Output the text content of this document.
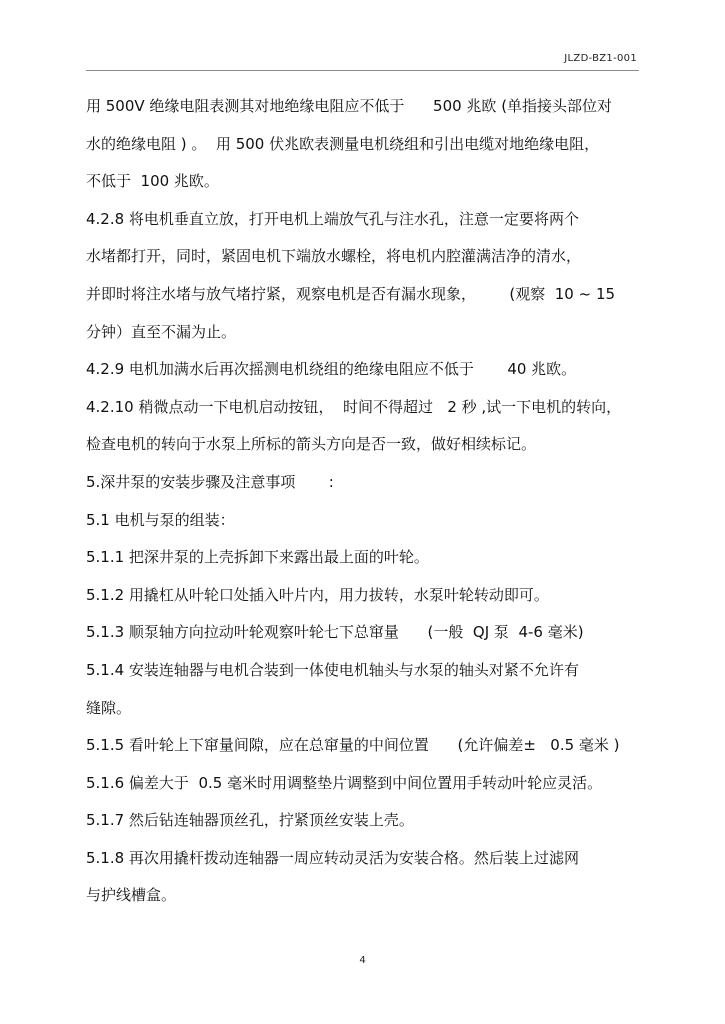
JLZD-BZ1-001
用 500V 绝缘电阻表测其对地绝缘电阻应不低于      500 兆欧 (单指接头部位对
水的绝缘电阻 ) 。  用 500 伏兆欧表测量电机绕组和引出电缆对地绝缘电阻，
不低于  100 兆欧。
4.2.8 将电机垂直立放，打开电机上端放气孔与注水孔，注意一定要将两个
水堵都打开，同时，紧固电机下端放水螺栓，将电机内腔灌满洁净的清水，
并即时将注水堵与放气堵拧紧，观察电机是否有漏水现象，       (观察  10 ~ 15
分钟）直至不漏为止。
4.2.9 电机加满水后再次摇测电机绕组的绝缘电阻应不低于       40 兆欧。
4.2.10 稍微点动一下电机启动按钮，  时间不得超过   2 秒 ,试一下电机的转向，
检查电机的转向于水泵上所标的箭头方向是否一致，做好相续标记。
5.深井泵的安装步骤及注意事项       :
5.1 电机与泵的组装：
5.1.1 把深井泵的上壳拆卸下来露出最上面的叶轮。
5.1.2 用撬杠从叶轮口处插入叶片内，用力拔转，水泵叶轮转动即可。
5.1.3 顺泵轴方向拉动叶轮观察叶轮七下总窜量      (一般  QJ 泵  4-6 毫米)
5.1.4 安装连轴器与电机合装到一体使电机轴头与水泵的轴头对紧不允许有
缝隙。
5.1.5 看叶轮上下窜量间隙，应在总窜量的中间位置      (允许偏差±   0.5 毫米 )
5.1.6 偏差大于  0.5 毫米时用调整垫片调整到中间位置用手转动叶轮应灵活。
5.1.7 然后钻连轴器顶丝孔，拧紧顶丝安装上壳。
5.1.8 再次用撬杆拨动连轴器一周应转动灵活为安装合格。然后装上过滤网
与护线槽盒。
4
